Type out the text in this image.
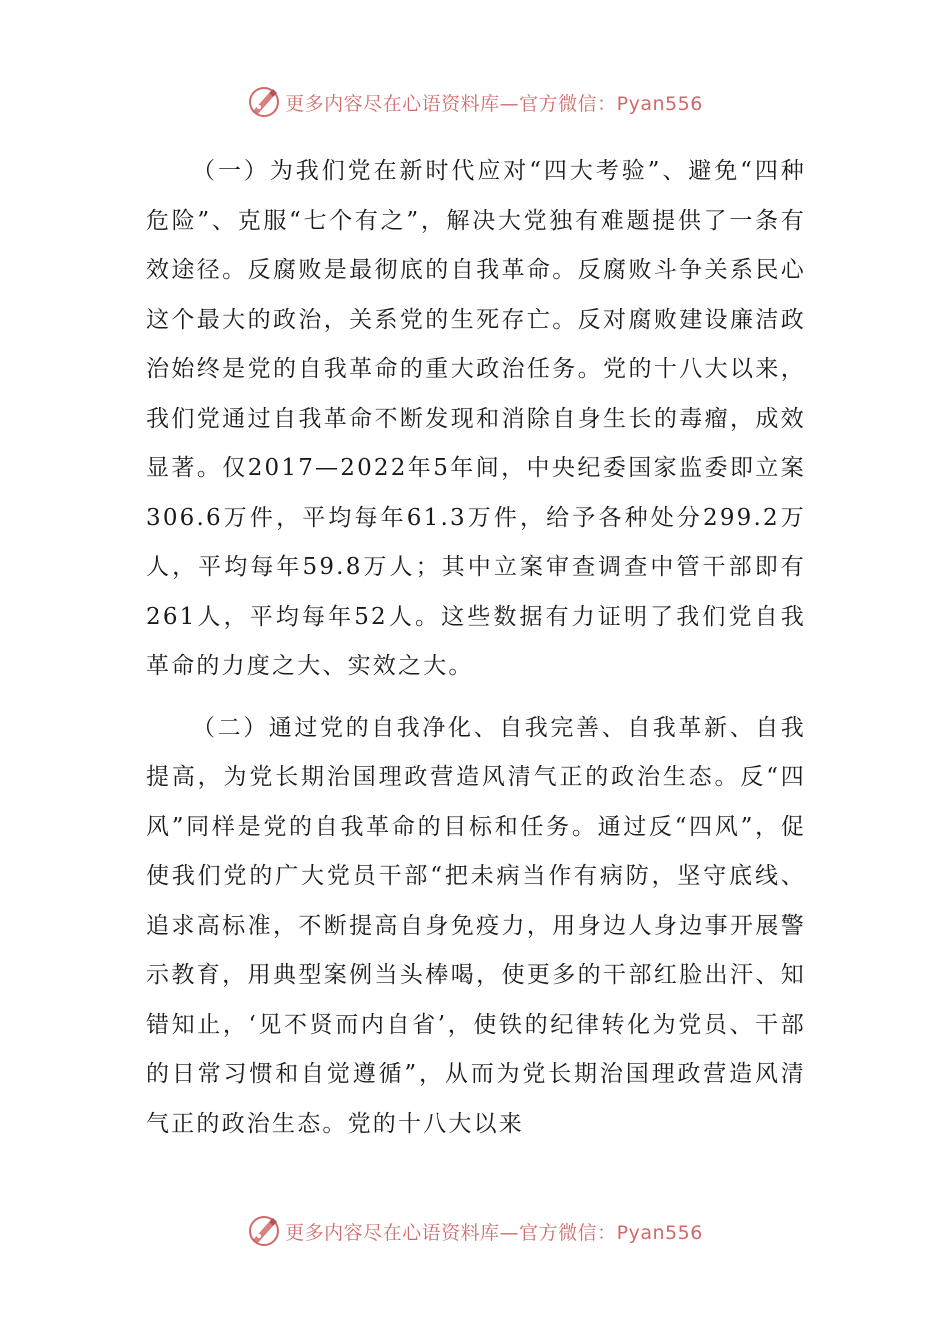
更多内容尽在心语资料库—官方微信：Pyan556

（一）为我们党在新时代应对“四大考验”、避免“四种危险”、克服“七个有之”，解决大党独有难题提供了一条有效途径。反腐败是最彻底的自我革命。反腐败斗争关系民心这个最大的政治，关系党的生死存亡。反对腐败建设廉洁政治始终是党的自我革命的重大政治任务。党的十八大以来，我们党通过自我革命不断发现和消除自身生长的毒瘤，成效显著。仅2017—2022年5年间，中央纪委国家监委即立案306.6万件，平均每年61.3万件，给予各种处分299.2万人，平均每年59.8万人；其中立案审查调查中管干部即有261人，平均每年52人。这些数据有力证明了我们党自我革命的力度之大、实效之大。

（二）通过党的自我净化、自我完善、自我革新、自我提高，为党长期治国理政营造风清气正的政治生态。反“四风”同样是党的自我革命的目标和任务。通过反“四风”，促使我们党的广大党员干部“把未病当作有病防，坚守底线、追求高标准，不断提高自身免疫力，用身边人身边事开展警示教育，用典型案例当头棒喝，使更多的干部红脸出汗、知错知止，‘见不贤而内自省’，使铁的纪律转化为党员、干部的日常习惯和自觉遵循”，从而为党长期治国理政营造风清气正的政治生态。党的十八大以来

更多内容尽在心语资料库—官方微信：Pyan556
